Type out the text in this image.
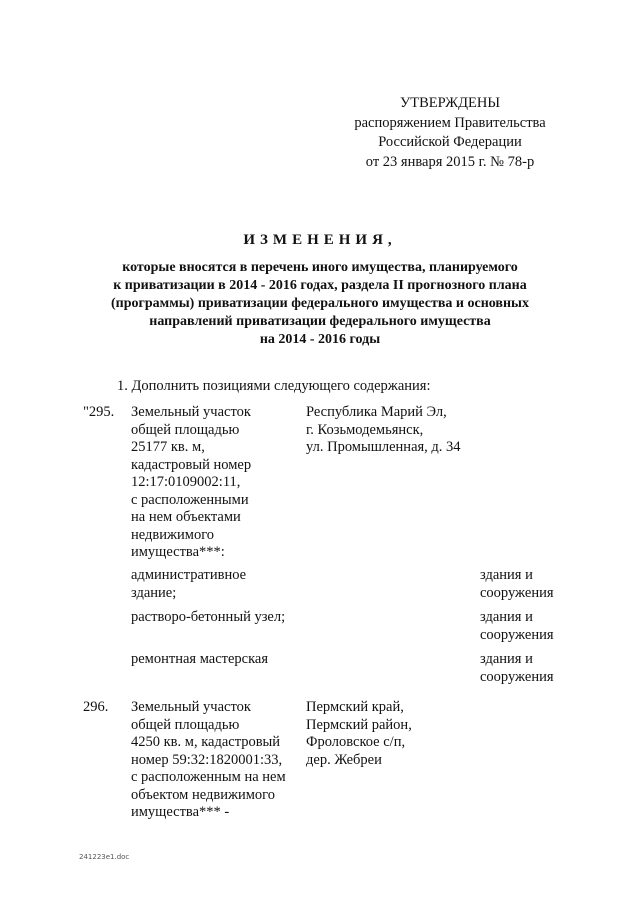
УТВЕРЖДЕНЫ
распоряжением Правительства
Российской Федерации
от 23 января 2015 г. № 78-р
ИЗМЕНЕНИЯ,
которые вносятся в перечень иного имущества, планируемого
к приватизации в 2014 - 2016 годах, раздела II прогнозного плана
(программы) приватизации федерального имущества и основных
направлений приватизации федерального имущества
на 2014 - 2016 годы
1. Дополнить позициями следующего содержания:
"295. Земельный участок
общей площадью
25177 кв. м,
кадастровый номер
12:17:0109002:11,
с расположенными
на нем объектами
недвижимого
имущества***:
Республика Марий Эл,
г. Козьмодемьянск,
ул. Промышленная, д. 34
административное
здание;
здания и
сооружения
растворо-бетонный узел;	здания и
сооружения
ремонтная мастерская	здания и
сооружения
296. Земельный участок
общей площадью
4250 кв. м, кадастровый
номер 59:32:1820001:33,
с расположенным на нем
объектом недвижимого
имущества*** -
Пермский край,
Пермский район,
Фроловское с/п,
дер. Жебреи
241223e1.doc
